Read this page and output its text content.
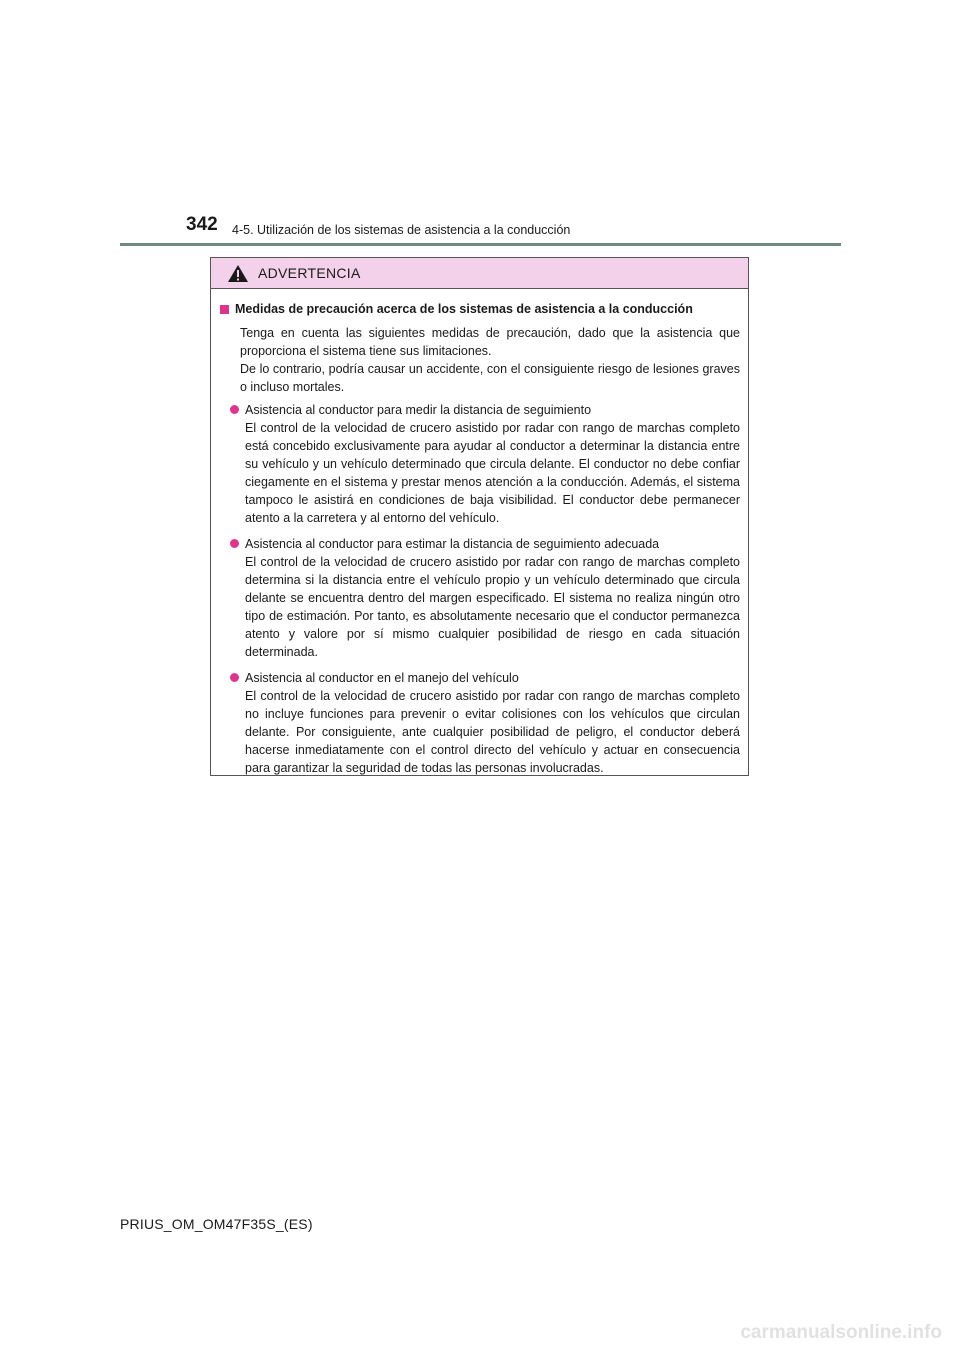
342 4-5. Utilización de los sistemas de asistencia a la conducción
ADVERTENCIA
Medidas de precaución acerca de los sistemas de asistencia a la conducción

Tenga en cuenta las siguientes medidas de precaución, dado que la asistencia que proporciona el sistema tiene sus limitaciones.

De lo contrario, podría causar un accidente, con el consiguiente riesgo de lesiones graves o incluso mortales.

Asistencia al conductor para medir la distancia de seguimiento
El control de la velocidad de crucero asistido por radar con rango de marchas completo está concebido exclusivamente para ayudar al conductor a determinar la distancia entre su vehículo y un vehículo determinado que circula delante. El conductor no debe confiar ciegamente en el sistema y prestar menos atención a la conducción. Además, el sistema tampoco le asistirá en condiciones de baja visibilidad. El conductor debe permanecer atento a la carretera y al entorno del vehículo.
Asistencia al conductor para estimar la distancia de seguimiento adecuada
El control de la velocidad de crucero asistido por radar con rango de marchas completo determina si la distancia entre el vehículo propio y un vehículo determinado que circula delante se encuentra dentro del margen especificado. El sistema no realiza ningún otro tipo de estimación. Por tanto, es absolutamente necesario que el conductor permanezca atento y valore por sí mismo cualquier posibilidad de riesgo en cada situación determinada.
Asistencia al conductor en el manejo del vehículo
El control de la velocidad de crucero asistido por radar con rango de marchas completo no incluye funciones para prevenir o evitar colisiones con los vehículos que circulan delante. Por consiguiente, ante cualquier posibilidad de peligro, el conductor deberá hacerse inmediatamente con el control directo del vehículo y actuar en consecuencia para garantizar la seguridad de todas las personas involucradas.
PRIUS_OM_OM47F35S_(ES)
carmanualsonline.info
